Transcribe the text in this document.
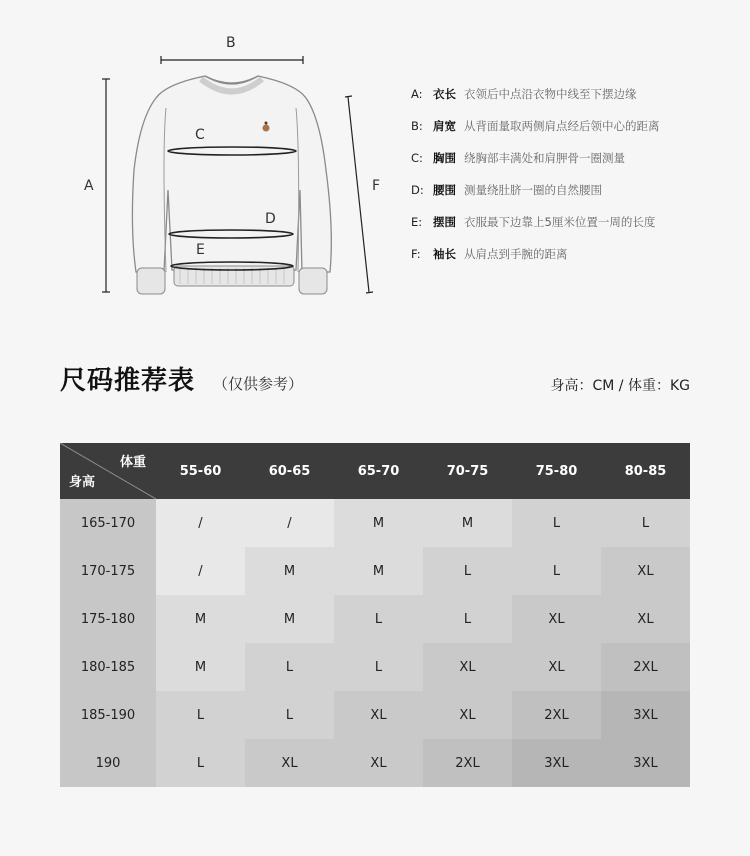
B
A
C
D
E
F
A: 衣长 衣领后中点沿衣物中线至下摆边缘
B: 肩宽 从背面量取两侧肩点经后领中心的距离
C: 胸围 绕胸部丰满处和肩胛骨一圈测量
D: 腰围 测量绕肚脐一圈的自然腰围
E: 摆围 衣服最下边靠上5厘米位置一周的长度
F:	袖长 从肩点到手腕的距离
尺码推荐表 （仅供参考）	身高：CM / 体重：KG
体重
身高
55-60	60-65	65-70	70-75	75-80	80-85
165-170	/	/	M	M	L	L
170-175	/	M	M	L	L	XL
175-180	M	M	L	L	XL	XL
180-185	M	L	L	XL	XL	2XL
185-190	L	L	XL	XL	2XL	3XL
190	L	XL	XL	2XL	3XL	3XL
